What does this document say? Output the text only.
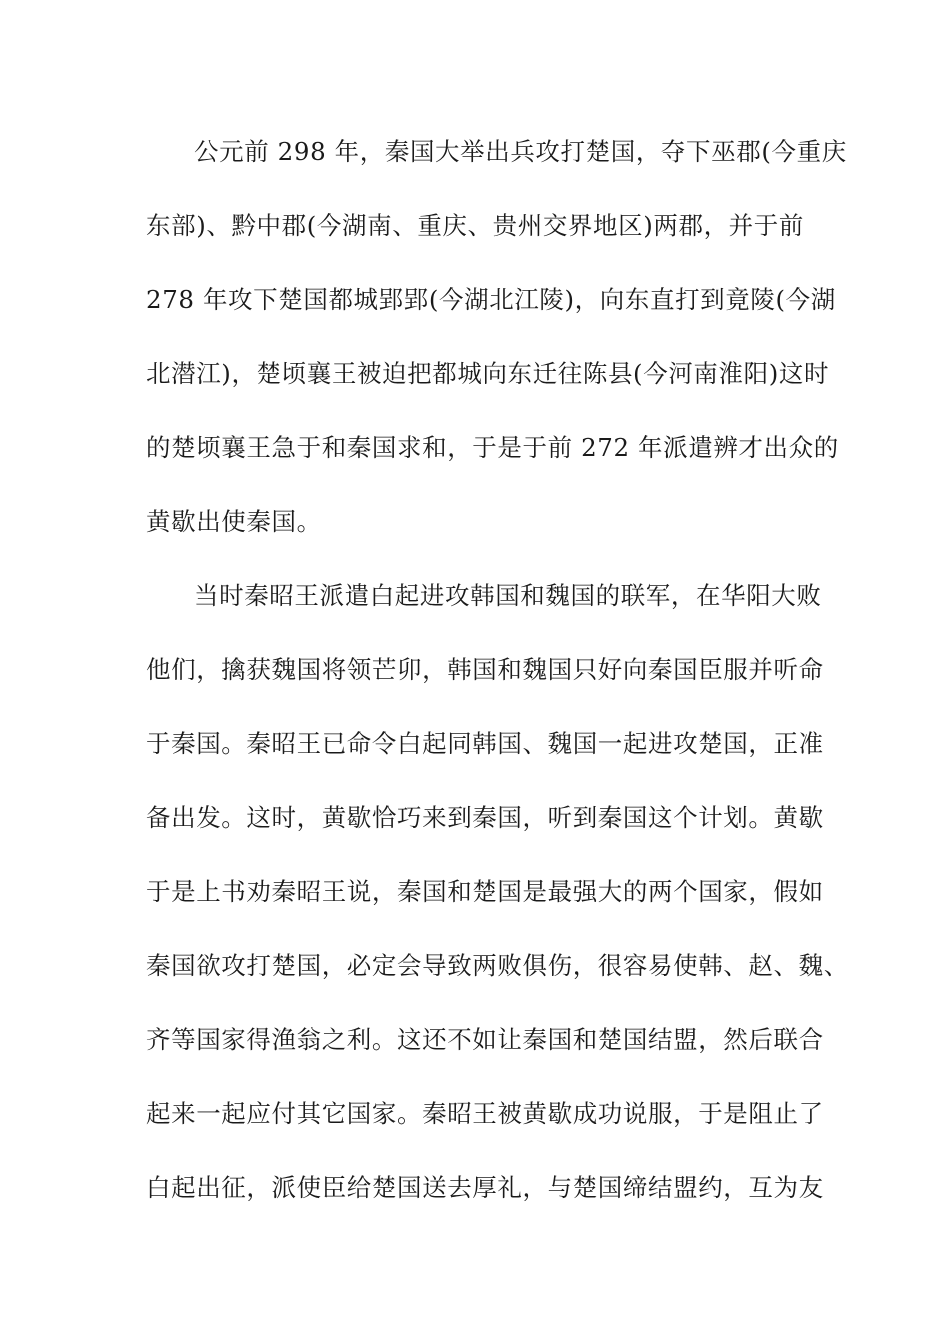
公元前 298 年，秦国大举出兵攻打楚国，夺下巫郡(今重庆
东部)、黔中郡(今湖南、重庆、贵州交界地区)两郡，并于前
278 年攻下楚国都城郢郢(今湖北江陵)，向东直打到竟陵(今湖
北潜江)，楚顷襄王被迫把都城向东迁往陈县(今河南淮阳)这时
的楚顷襄王急于和秦国求和，于是于前 272 年派遣辨才出众的
黄歇出使秦国。
当时秦昭王派遣白起进攻韩国和魏国的联军，在华阳大败
他们，擒获魏国将领芒卯，韩国和魏国只好向秦国臣服并听命
于秦国。秦昭王已命令白起同韩国、魏国一起进攻楚国，正准
备出发。这时，黄歇恰巧来到秦国，听到秦国这个计划。黄歇
于是上书劝秦昭王说，秦国和楚国是最强大的两个国家，假如
秦国欲攻打楚国，必定会导致两败俱伤，很容易使韩、赵、魏、
齐等国家得渔翁之利。这还不如让秦国和楚国结盟，然后联合
起来一起应付其它国家。秦昭王被黄歇成功说服，于是阻止了
白起出征，派使臣给楚国送去厚礼，与楚国缔结盟约，互为友
